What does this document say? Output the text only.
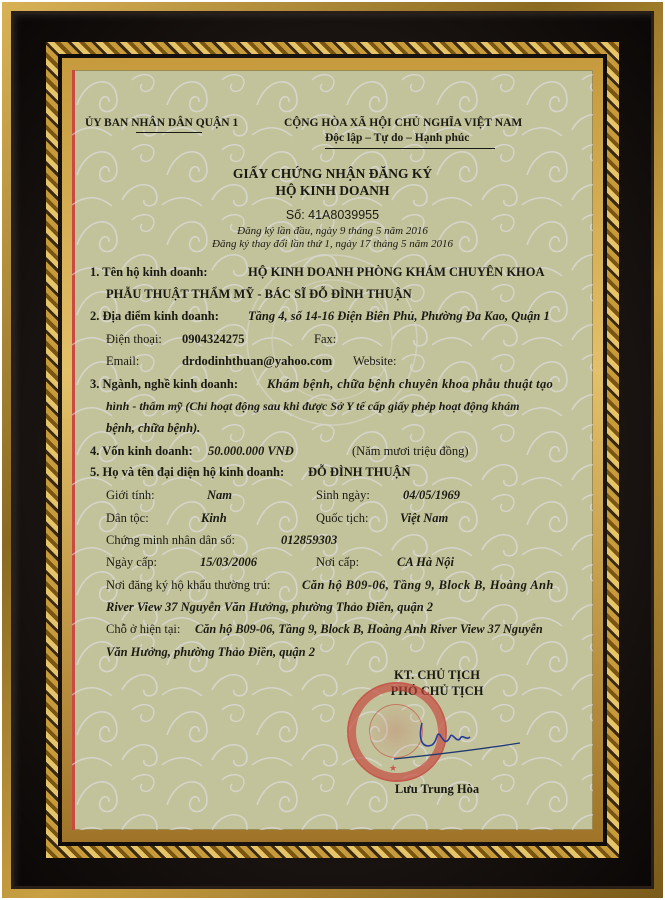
ỦY BAN NHÂN DÂN QUẬN 1	CỘNG HÒA XÃ HỘI CHỦ NGHĨA VIỆT NAM
Độc lập – Tự do – Hạnh phúc
GIẤY CHỨNG NHẬN ĐĂNG KÝ
HỘ KINH DOANH
Số: 41A8039955
Đăng ký lần đầu, ngày 9 tháng 5 năm 2016
Đăng ký thay đổi lần thứ 1, ngày 17 tháng 5 năm 2016
1. Tên hộ kinh doanh:	HỘ KINH DOANH PHÒNG KHÁM CHUYÊN KHOA
PHẪU THUẬT THẨM MỸ - BÁC SĨ ĐỖ ĐÌNH THUẬN
2. Địa điểm kinh doanh: Tầng 4, số 14-16 Điện Biên Phủ, Phường Đa Kao, Quận 1
Điện thoại: 0904324275	Fax:
Email:	drdodinhthuan@yahoo.com Website:
3. Ngành, nghề kinh doanh: Khám bệnh, chữa bệnh chuyên khoa phẫu thuật tạo
hình - thẩm mỹ (Chỉ hoạt động sau khi được Sở Y tế cấp giấy phép hoạt động khám
bệnh, chữa bệnh).
4. Vốn kinh doanh: 50.000.000 VNĐ	(Năm mươi triệu đồng)
5. Họ và tên đại diện hộ kinh doanh: ĐỖ ĐÌNH THUẬN
Giới tính:	Nam	Sinh ngày:	04/05/1969
Dân tộc:	Kinh	Quốc tịch:	Việt Nam
Chứng minh nhân dân số:	012859303
Ngày cấp:	15/03/2006	Nơi cấp:	CA Hà Nội
Nơi đăng ký hộ khẩu thường trú:	Căn hộ B09-06, Tầng 9, Block B, Hoàng Anh
River View 37 Nguyễn Văn Hưởng, phường Thảo Điền, quận 2
Chỗ ở hiện tại: Căn hộ B09-06, Tầng 9, Block B, Hoàng Anh River View 37 Nguyễn
Văn Hưởng, phường Thảo Điền, quận 2
KT. CHỦ TỊCH
PHÓ CHỦ TỊCH
★
Lưu Trung Hòa
